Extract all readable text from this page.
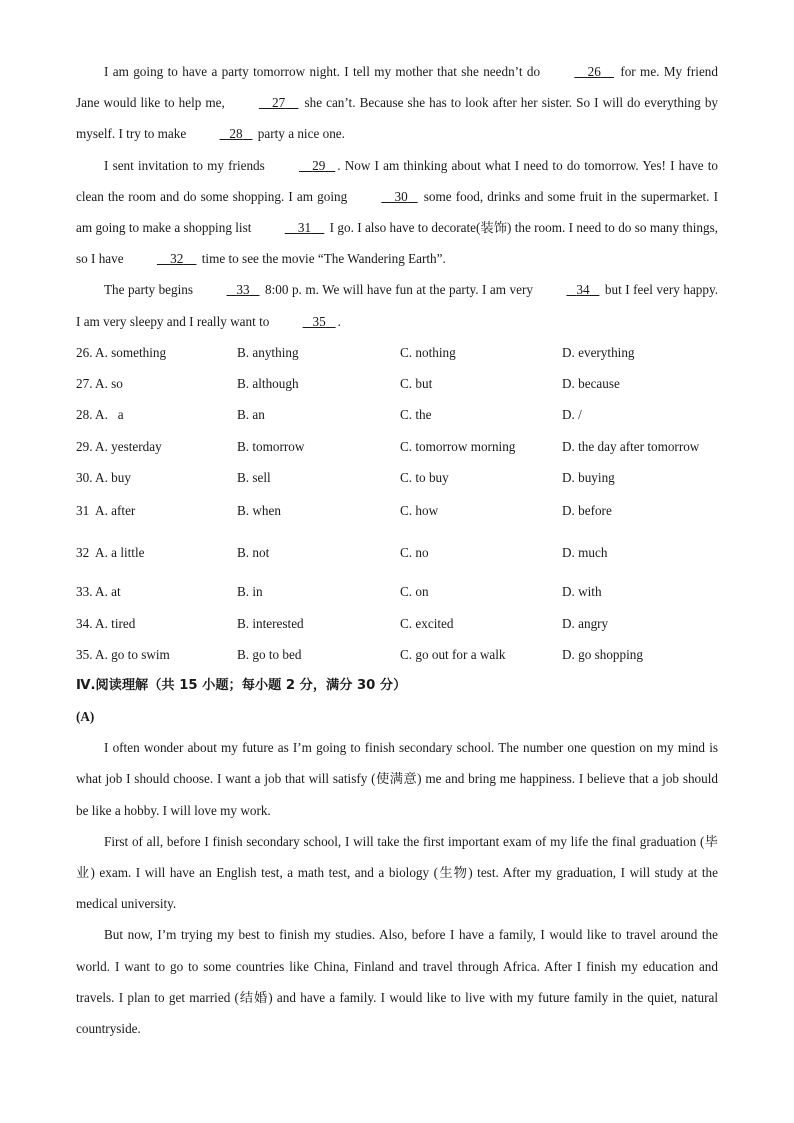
I am going to have a party tomorrow night. I tell my mother that she needn’t do	26     for me. My friend Jane would like to help me,	27     she can’t. Because she has to look after her sister. So I will do everything by myself. I try to make	28    party a nice one.

I sent invitation to my friends	29 . Now I am thinking about what I need to do tomorrow. Yes! I have to clean the room and do some shopping. I am going	30    some food, drinks and some fruit in the supermarket. I am going to make a shopping list	31     I go. I also have to decorate(装饰) the room. I need to do so many things, so I have	32     time to see the movie “The Wandering Earth”.

The party begins	33    8:00 p. m. We will have fun at the party. I am very	34    but I feel very happy. I am very sleepy and I really want to	35 .

26. A. something	B. anything	C. nothing	D. everything
27. A. so	B. although	C. but	D. because
28. A.   a	B. an	C. the	D. /
29. A. yesterday	B. tomorrow	C. tomorrow morning	D. the day after tomorrow
30. A. buy	B. sell	C. to buy	D. buying
31  A. after	B. when	C. how	D. before
32  A. a little	B. not	C. no	D. much
33. A. at	B. in	C. on	D. with
34. A. tired	B. interested	C. excited	D. angry
35. A. go to swim	B. go to bed	C. go out for a walk	D. go shopping

Ⅳ.阅读理解（共 15 小题；每小题 2 分，满分 30 分）

(A)

I often wonder about my future as I’m going to finish secondary school. The number one question on my mind is what job I should choose. I want a job that will satisfy (使满意) me and bring me happiness. I believe that a job should be like a hobby. I will love my work.

First of all, before I finish secondary school, I will take the first important exam of my life the final graduation (毕业) exam. I will have an English test, a math test, and a biology (生物) test. After my graduation, I will study at the medical university.

But now, I’m trying my best to finish my studies. Also, before I have a family, I would like to travel around the world. I want to go to some countries like China, Finland and travel through Africa. After I finish my education and travels. I plan to get married (结婚) and have a family. I would like to live with my future family in the quiet, natural countryside.
